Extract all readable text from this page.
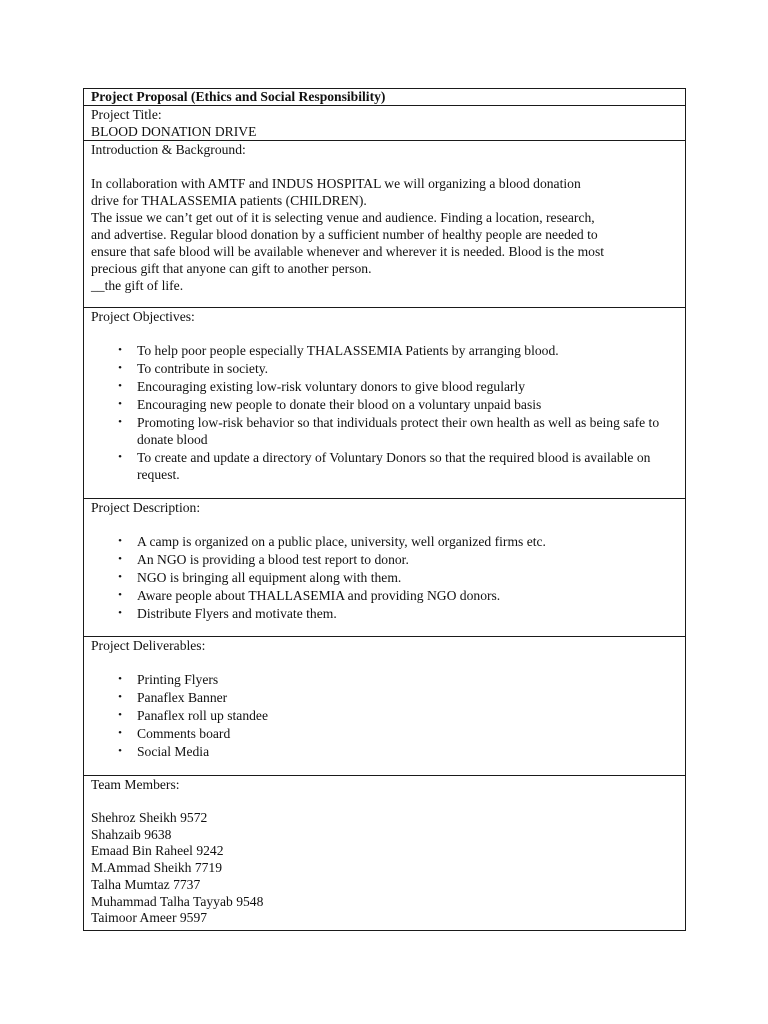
Project Proposal (Ethics and Social Responsibility)

Project Title:
BLOOD DONATION DRIVE

Introduction & Background:
In collaboration with AMTF and INDUS HOSPITAL we will organizing a blood donation
drive for THALASSEMIA patients (CHILDREN).
The issue we can’t get out of it is selecting venue and audience. Finding a location, research,
and advertise. Regular blood donation by a sufficient number of healthy people are needed to
ensure that safe blood will be available whenever and wherever it is needed. Blood is the most
precious gift that anyone can gift to another person.
__the gift of life.

Project Objectives:
• To help poor people especially THALASSEMIA Patients by arranging blood.
• To contribute in society.
• Encouraging existing low-risk voluntary donors to give blood regularly
• Encouraging new people to donate their blood on a voluntary unpaid basis
• Promoting low-risk behavior so that individuals protect their own health as well as being safe to donate blood
• To create and update a directory of Voluntary Donors so that the required blood is available on request.

Project Description:
• A camp is organized on a public place, university, well organized firms etc.
• An NGO is providing a blood test report to donor.
• NGO is bringing all equipment along with them.
• Aware people about THALLASEMIA and providing NGO donors.
• Distribute Flyers and motivate them.

Project Deliverables:
• Printing Flyers
• Panaflex Banner
• Panaflex roll up standee
• Comments board
• Social Media

Team Members:
Shehroz Sheikh 9572
Shahzaib 9638
Emaad Bin Raheel 9242
M.Ammad Sheikh 7719
Talha Mumtaz 7737
Muhammad Talha Tayyab 9548
Taimoor Ameer 9597
